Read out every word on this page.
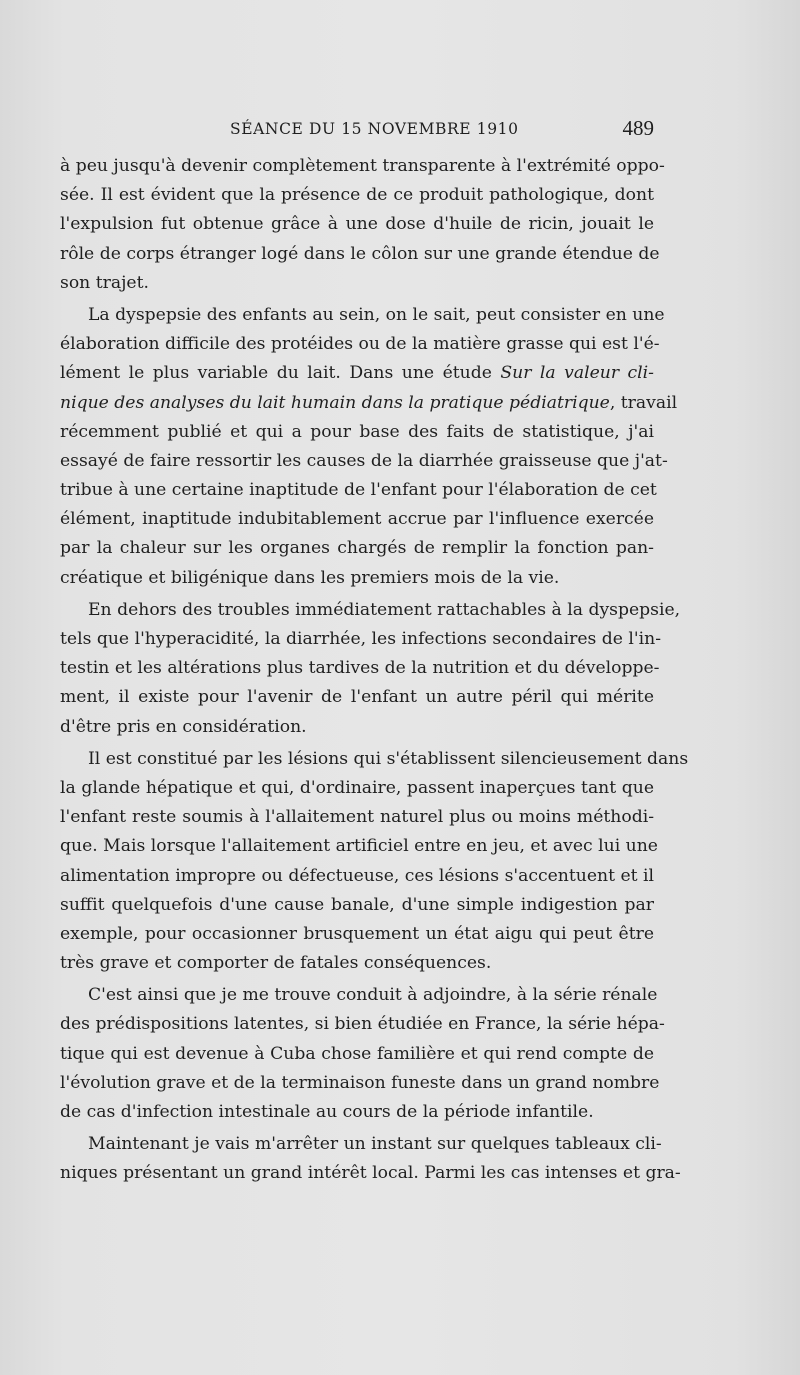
SÉANCE DU 15 NOVEMBRE 1910	489
à peu jusqu'à devenir complètement transparente à l'extrémité oppo-
sée. Il est évident que la présence de ce produit pathologique, dont
l'expulsion fut obtenue grâce à une dose d'huile de ricin, jouait le
rôle de corps étranger logé dans le côlon sur une grande étendue de
son trajet.
La dyspepsie des enfants au sein, on le sait, peut consister en une
élaboration difficile des protéides ou de la matière grasse qui est l'é-
lément le plus variable du lait. Dans une étude Sur la valeur cli-
nique des analyses du lait humain dans la pratique pédiatrique, travail
récemment publié et qui a pour base des faits de statistique, j'ai
essayé de faire ressortir les causes de la diarrhée graisseuse que j'at-
tribue à une certaine inaptitude de l'enfant pour l'élaboration de cet
élément, inaptitude indubitablement accrue par l'influence exercée
par la chaleur sur les organes chargés de remplir la fonction pan-
créatique et biligénique dans les premiers mois de la vie.
En dehors des troubles immédiatement rattachables à la dyspepsie,
tels que l'hyperacidité, la diarrhée, les infections secondaires de l'in-
testin et les altérations plus tardives de la nutrition et du développe-
ment, il existe pour l'avenir de l'enfant un autre péril qui mérite
d'être pris en considération.
Il est constitué par les lésions qui s'établissent silencieusement dans
la glande hépatique et qui, d'ordinaire, passent inaperçues tant que
l'enfant reste soumis à l'allaitement naturel plus ou moins méthodi-
que. Mais lorsque l'allaitement artificiel entre en jeu, et avec lui une
alimentation impropre ou défectueuse, ces lésions s'accentuent et il
suffit quelquefois d'une cause banale, d'une simple indigestion par
exemple, pour occasionner brusquement un état aigu qui peut être
très grave et comporter de fatales conséquences.
C'est ainsi que je me trouve conduit à adjoindre, à la série rénale
des prédispositions latentes, si bien étudiée en France, la série hépa-
tique qui est devenue à Cuba chose familière et qui rend compte de
l'évolution grave et de la terminaison funeste dans un grand nombre
de cas d'infection intestinale au cours de la période infantile.
Maintenant je vais m'arrêter un instant sur quelques tableaux cli-
niques présentant un grand intérêt local. Parmi les cas intenses et gra-
